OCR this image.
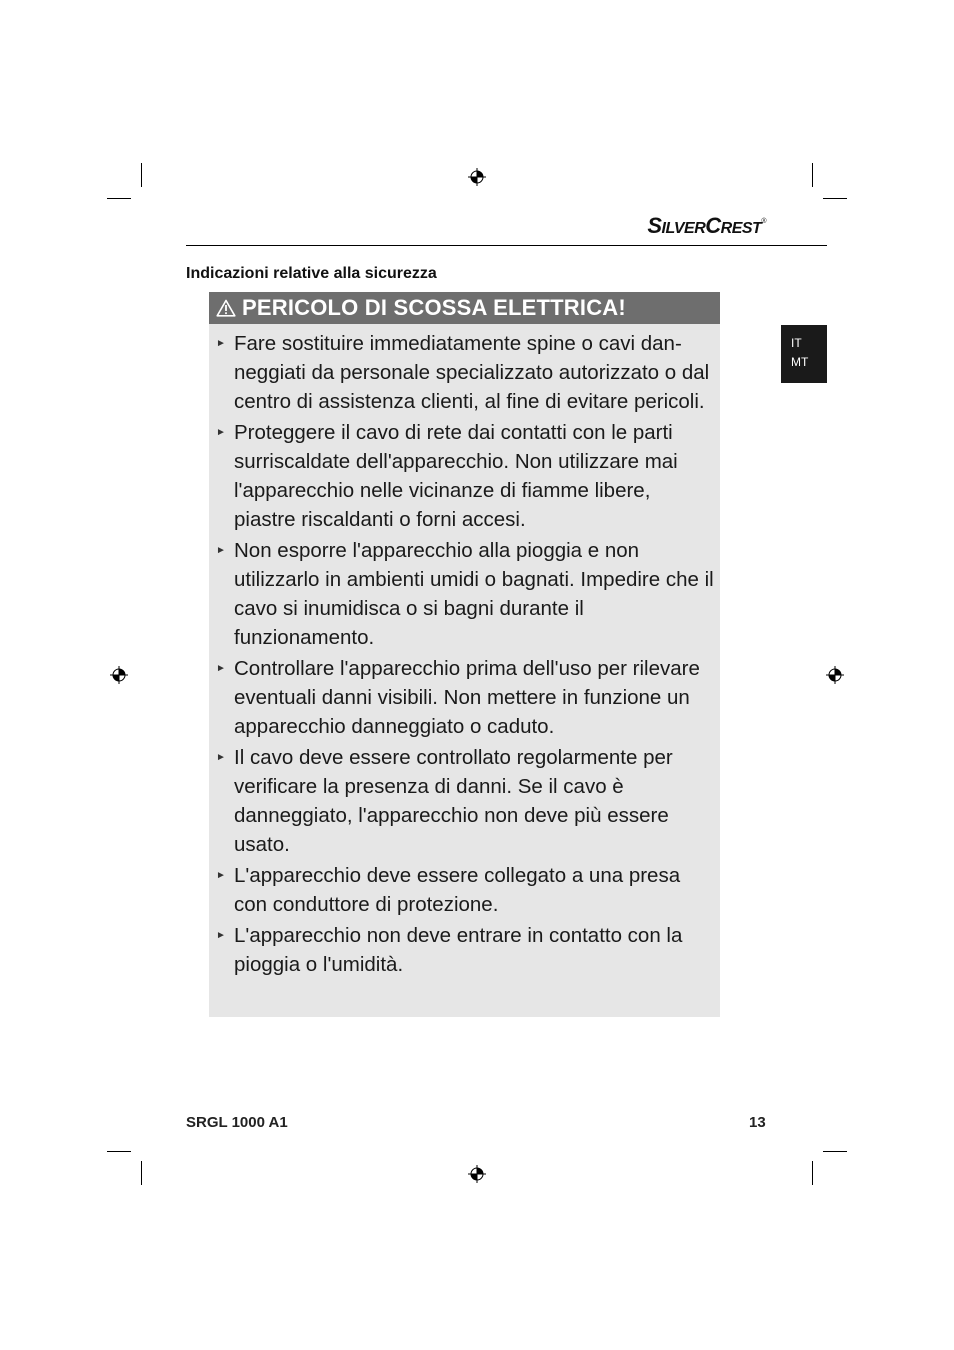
SILVERCREST®
Indicazioni relative alla sicurezza
IT
MT
PERICOLO DI SCOSSA ELETTRICA!
► Fare sostituire immediatamente spine o cavi dan-neggiati da personale specializzato autorizzato o dal centro di assistenza clienti, al fine di evitare pericoli.
► Proteggere il cavo di rete dai contatti con le parti surriscaldate dell'apparecchio. Non utilizzare mai l'apparecchio nelle vicinanze di fiamme libere, piastre riscaldanti o forni accesi.
► Non esporre l'apparecchio alla pioggia e non utilizzarlo in ambienti umidi o bagnati. Impedire che il cavo si inumidisca o si bagni durante il funzionamento.
► Controllare l'apparecchio prima dell'uso per rilevare eventuali danni visibili. Non mettere in funzione un apparecchio danneggiato o caduto.
► Il cavo deve essere controllato regolarmente per verificare la presenza di danni. Se il cavo è danneggiato, l'apparecchio non deve più essere usato.
► L'apparecchio deve essere collegato a una presa con conduttore di protezione.
► L'apparecchio non deve entrare in contatto con la pioggia o l'umidità.
SRGL 1000 A1	13
